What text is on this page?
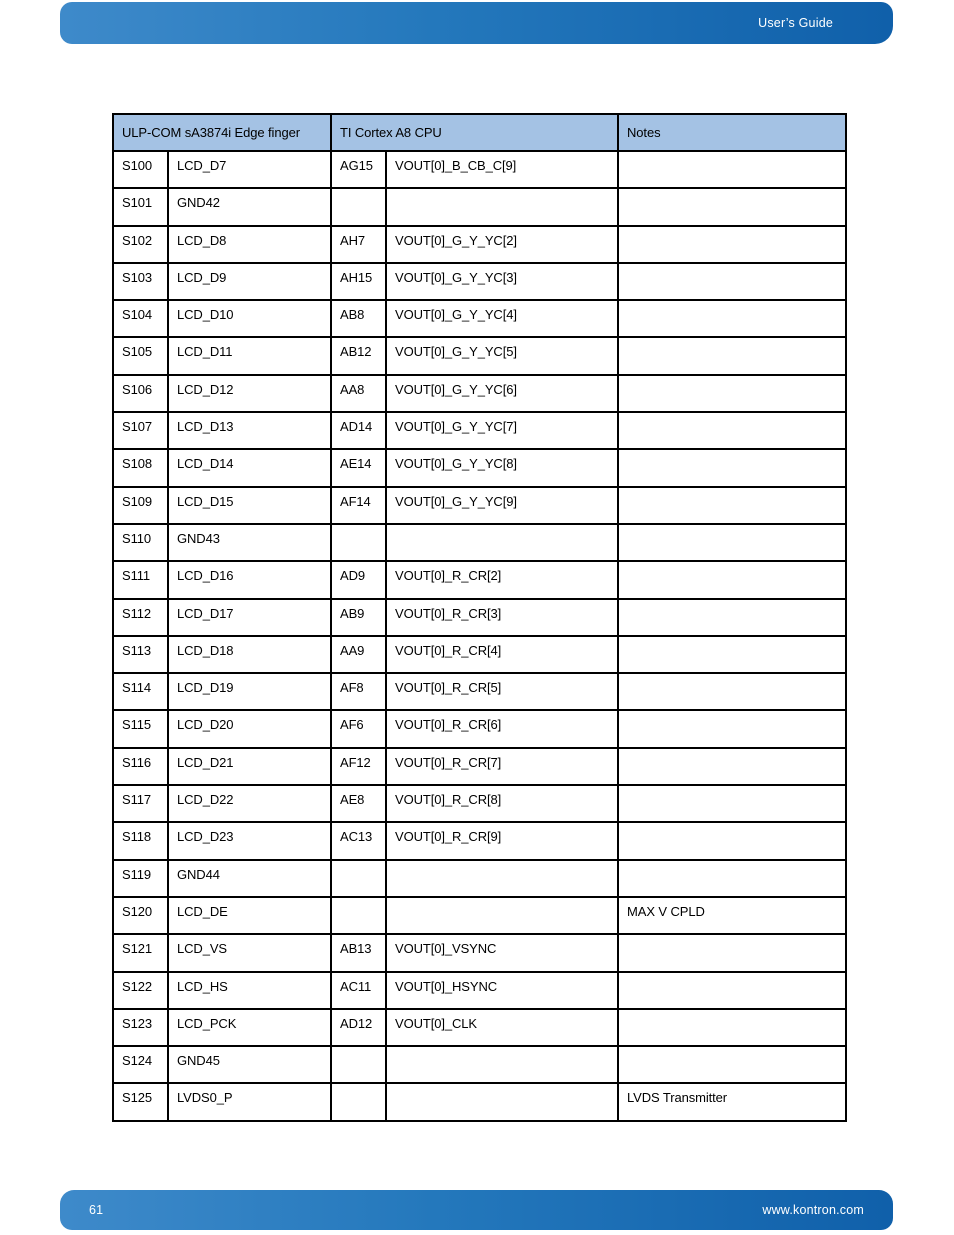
User’s Guide
ULP-COM sA3874i Edge finger		TI Cortex A8 CPU		Notes
S100	LCD_D7	AG15	VOUT[0]_B_CB_C[9]	
S101	GND42			
S102	LCD_D8	AH7	VOUT[0]_G_Y_YC[2]	
S103	LCD_D9	AH15	VOUT[0]_G_Y_YC[3]	
S104	LCD_D10	AB8	VOUT[0]_G_Y_YC[4]	
S105	LCD_D11	AB12	VOUT[0]_G_Y_YC[5]	
S106	LCD_D12	AA8	VOUT[0]_G_Y_YC[6]	
S107	LCD_D13	AD14	VOUT[0]_G_Y_YC[7]	
S108	LCD_D14	AE14	VOUT[0]_G_Y_YC[8]	
S109	LCD_D15	AF14	VOUT[0]_G_Y_YC[9]	
S110	GND43			
S111	LCD_D16	AD9	VOUT[0]_R_CR[2]	
S112	LCD_D17	AB9	VOUT[0]_R_CR[3]	
S113	LCD_D18	AA9	VOUT[0]_R_CR[4]	
S114	LCD_D19	AF8	VOUT[0]_R_CR[5]	
S115	LCD_D20	AF6	VOUT[0]_R_CR[6]	
S116	LCD_D21	AF12	VOUT[0]_R_CR[7]	
S117	LCD_D22	AE8	VOUT[0]_R_CR[8]	
S118	LCD_D23	AC13	VOUT[0]_R_CR[9]	
S119	GND44			
S120	LCD_DE			MAX V CPLD
S121	LCD_VS	AB13	VOUT[0]_VSYNC	
S122	LCD_HS	AC11	VOUT[0]_HSYNC	
S123	LCD_PCK	AD12	VOUT[0]_CLK	
S124	GND45			
S125	LVDS0_P			LVDS Transmitter
61	www.kontron.com
